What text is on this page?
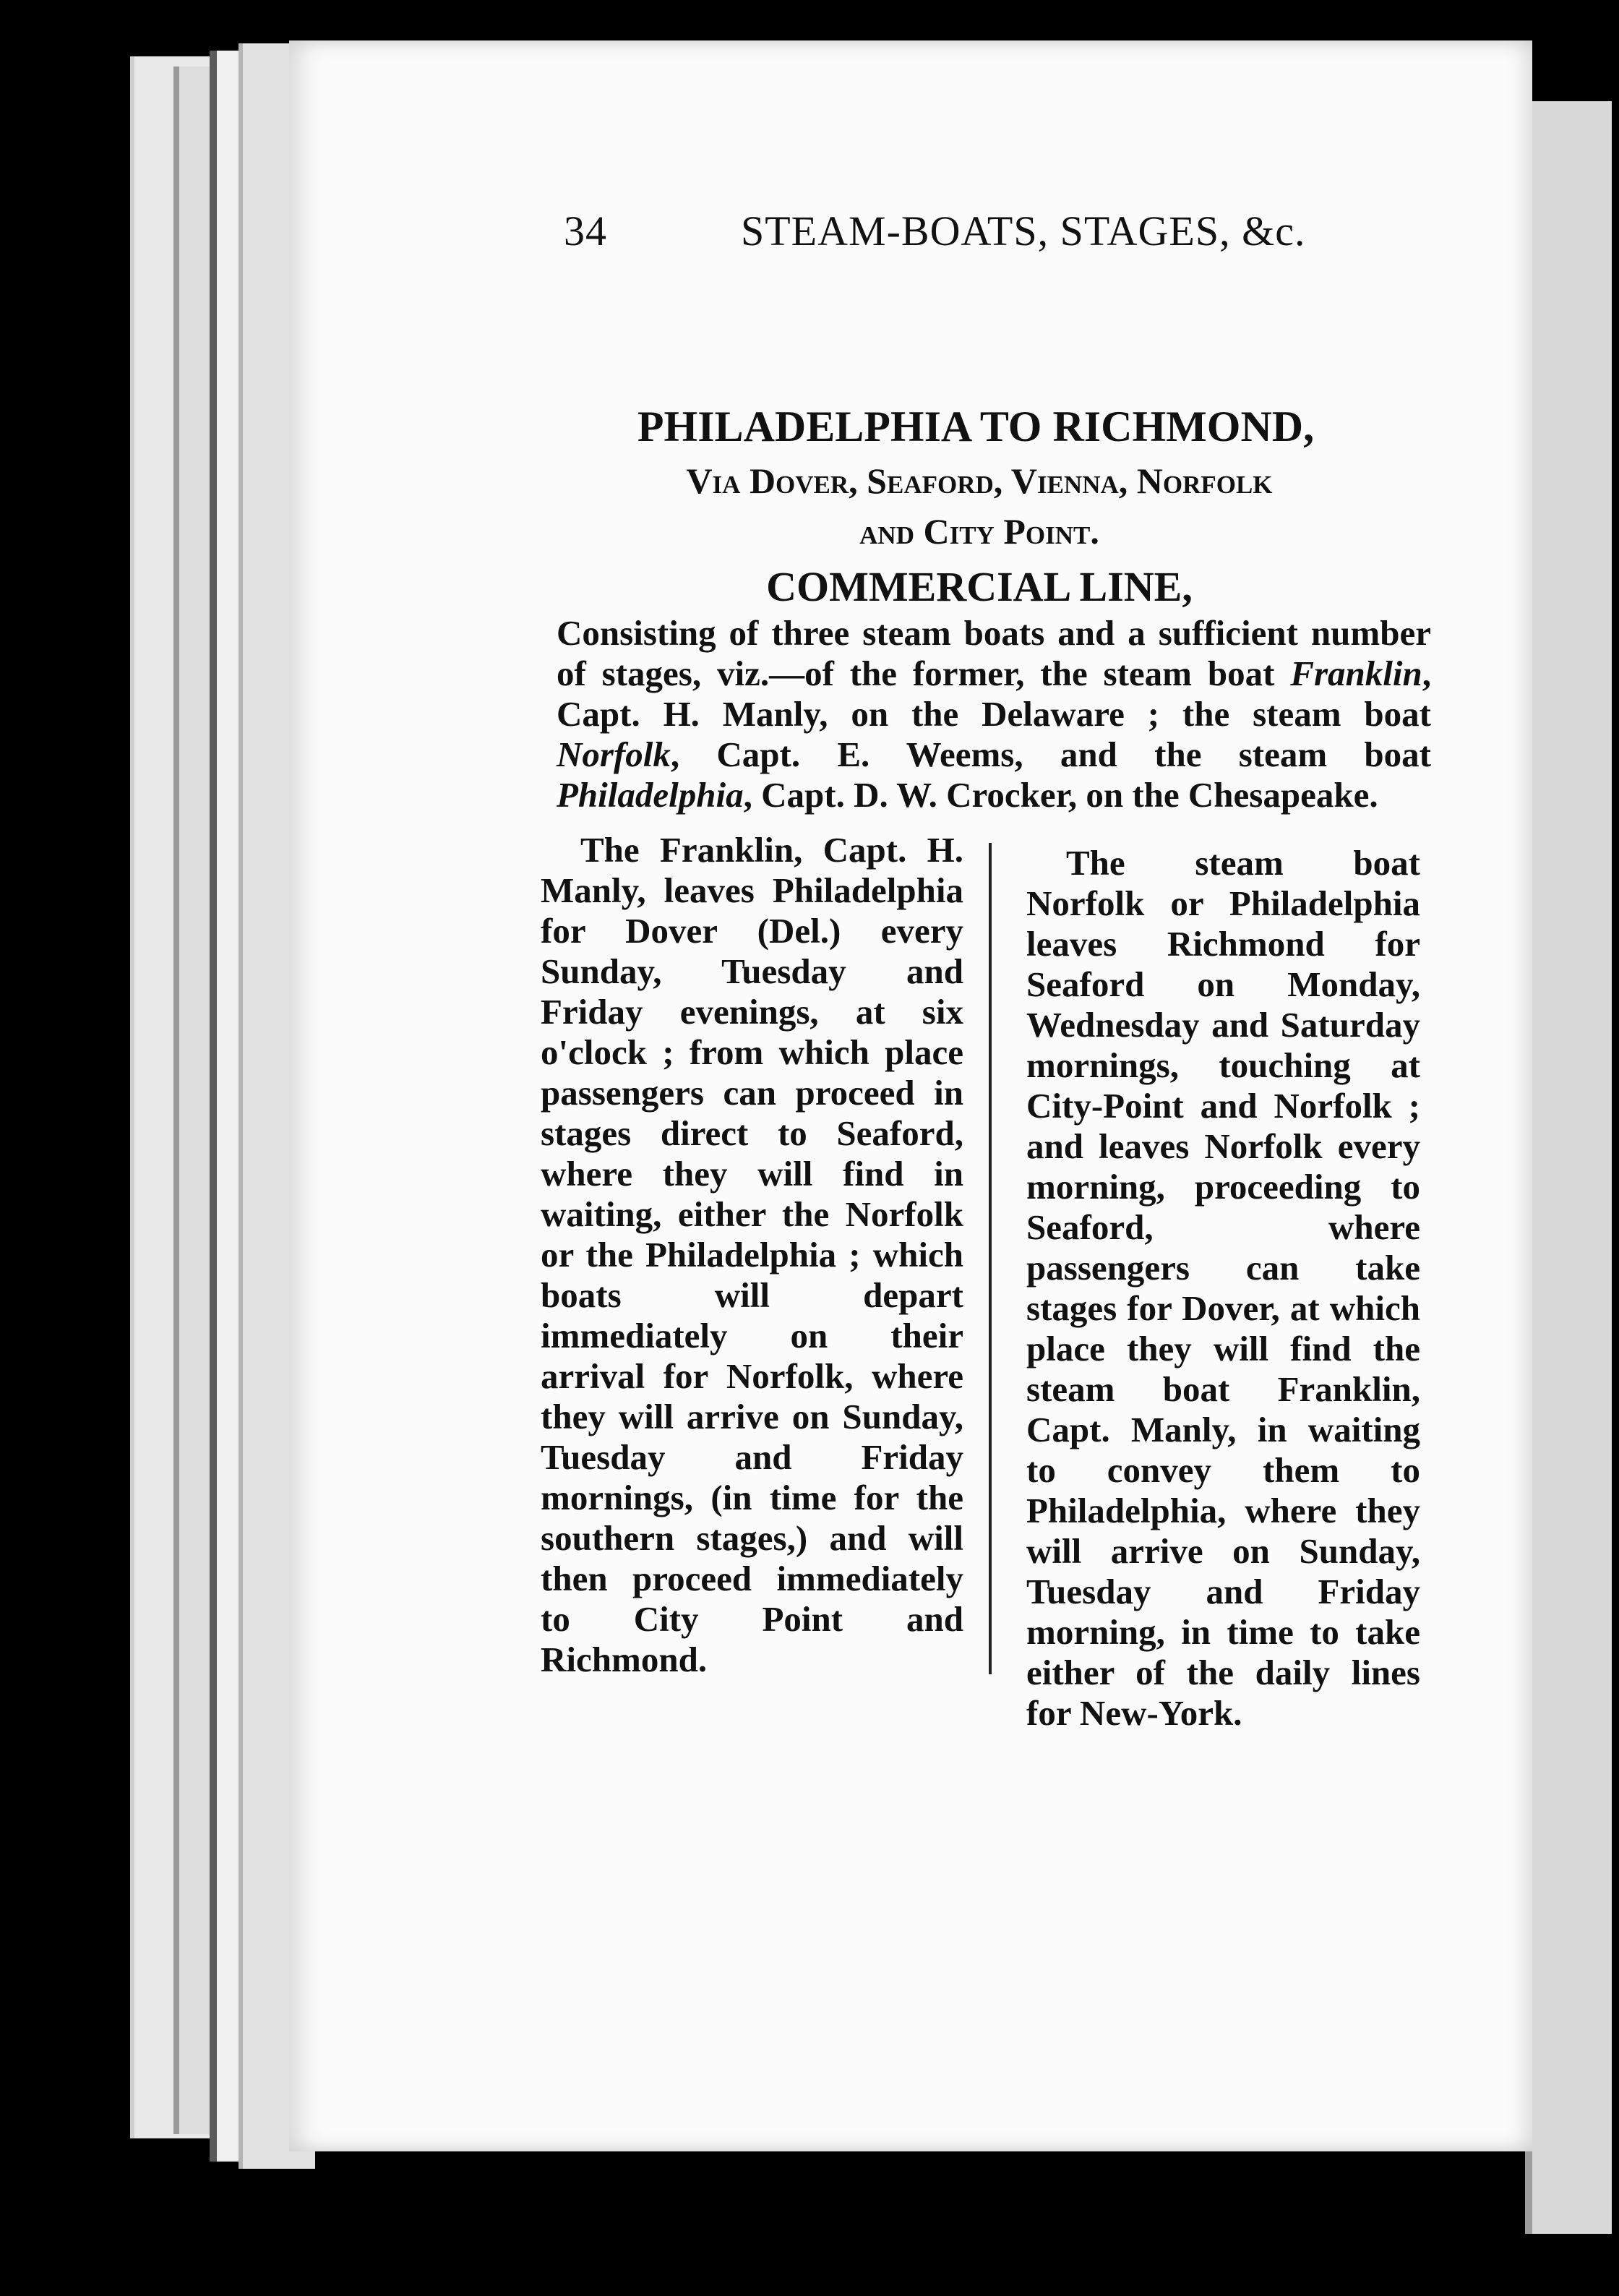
34	STEAM-BOATS, STAGES, &c.
PHILADELPHIA TO RICHMOND,
Via Dover, Seaford, Vienna, Norfolk
and City Point.
COMMERCIAL LINE,
Consisting of three steam boats and a sufficient number of stages, viz.—of the former, the steam boat Franklin, Capt. H. Manly, on the Delaware ; the steam boat Norfolk, Capt. E. Weems, and the steam boat Philadelphia, Capt. D. W. Crocker, on the Chesapeake.
The Franklin, Capt. H. Manly, leaves Philadelphia for Dover (Del.) every Sunday, Tuesday and Friday evenings, at six o'clock ; from which place passengers can proceed in stages direct to Seaford, where they will find in waiting, either the Norfolk or the Philadelphia ; which boats will depart immediately on their arrival for Norfolk, where they will arrive on Sunday, Tuesday and Friday mornings, (in time for the southern stages,) and will then proceed immediately to City Point and Richmond.
The steam boat Norfolk or Philadelphia leaves Richmond for Seaford on Monday, Wednesday and Saturday mornings, touching at City-Point and Norfolk ; and leaves Norfolk every morning, proceeding to Seaford, where passengers can take stages for Dover, at which place they will find the steam boat Franklin, Capt. Manly, in waiting to convey them to Philadelphia, where they will arrive on Sunday, Tuesday and Friday morning, in time to take either of the daily lines for New-York.
